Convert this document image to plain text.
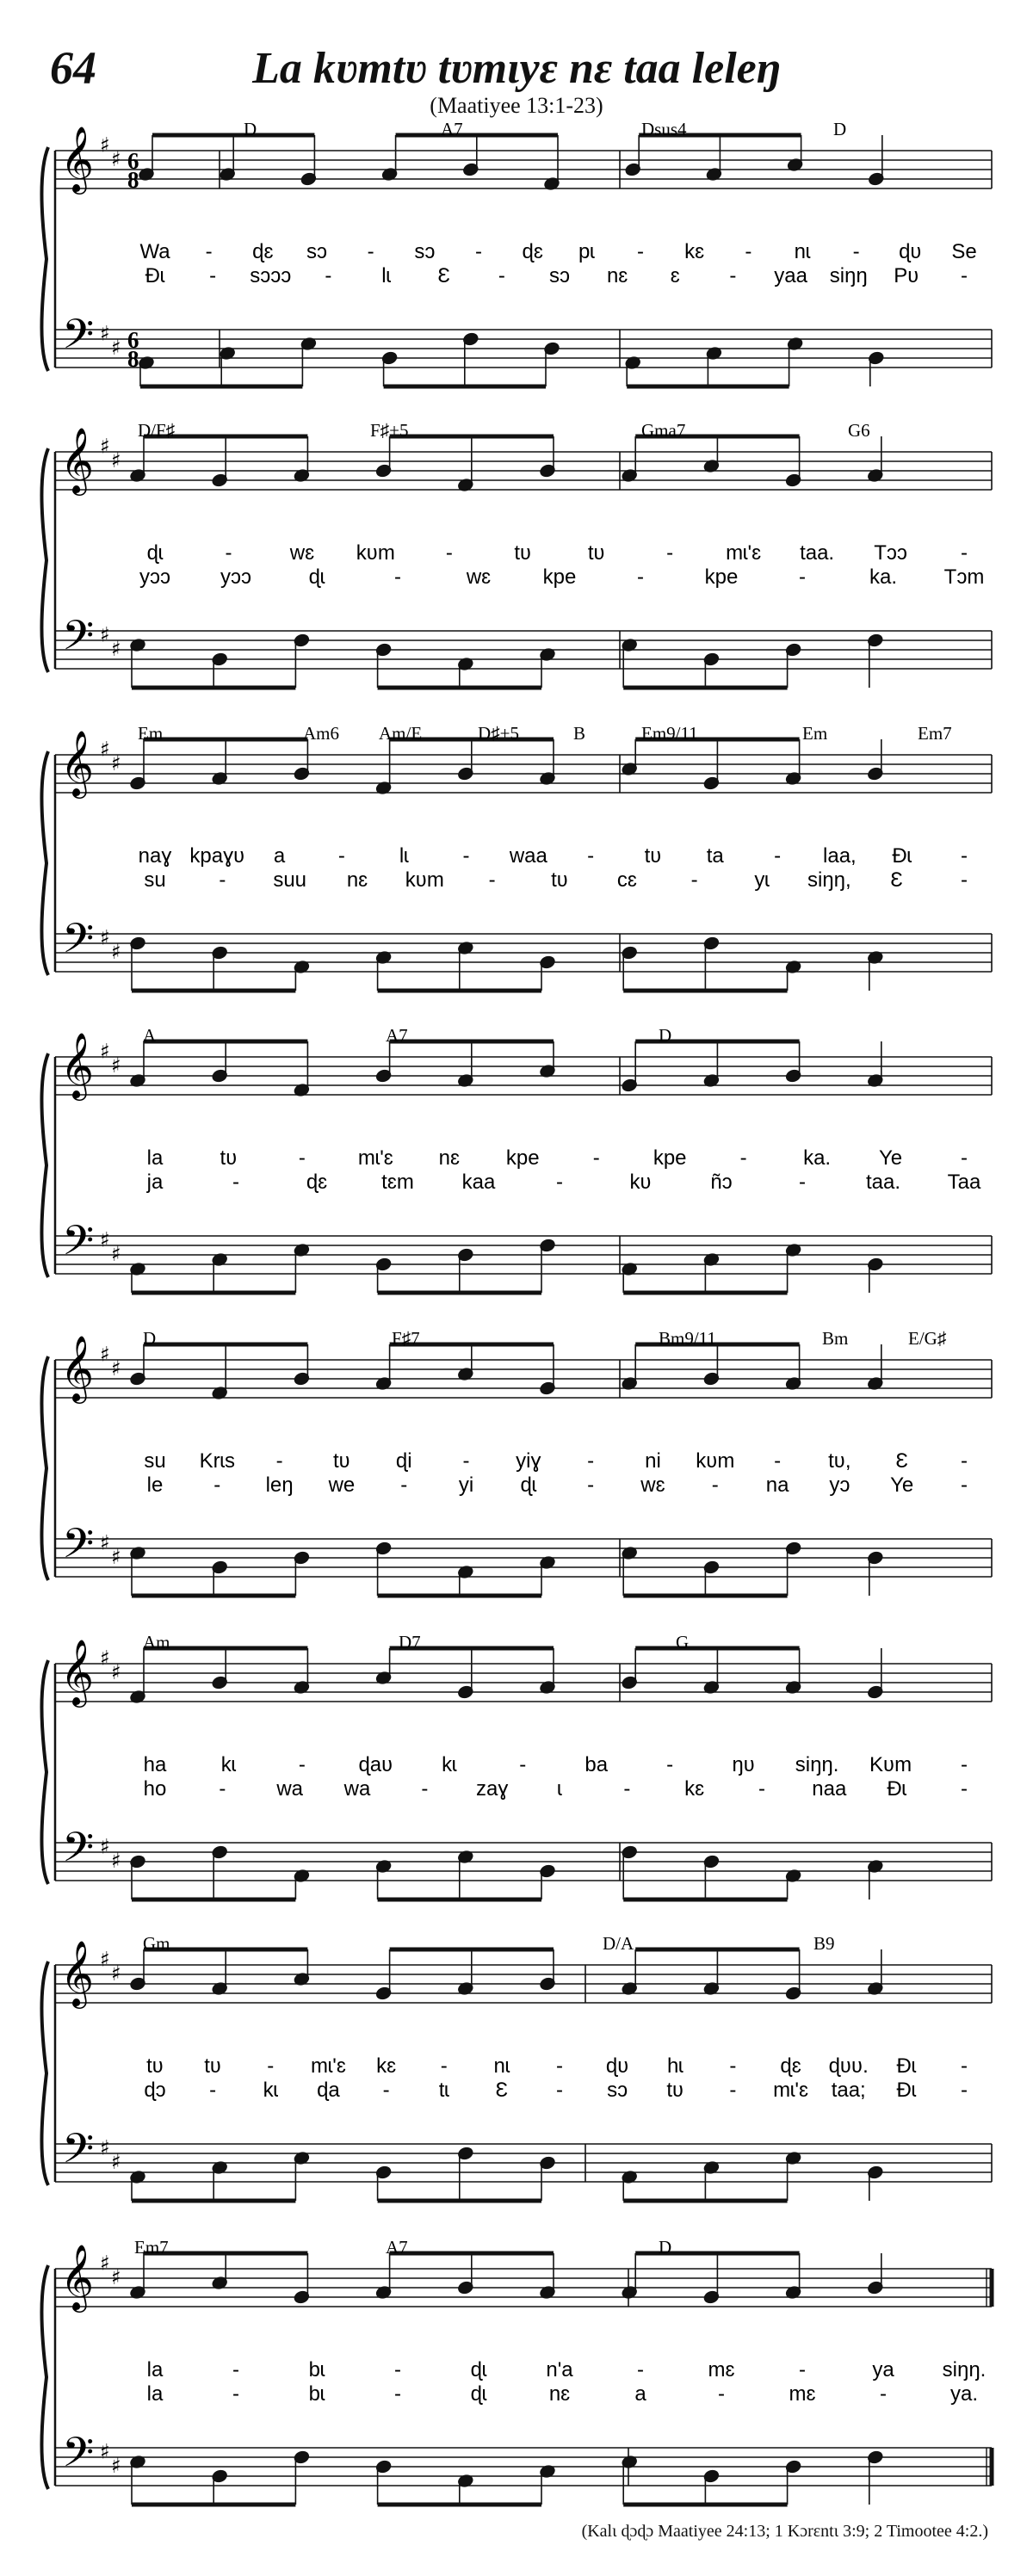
64	La kʋmtʋ tʋmɩyɛ nɛ taa leleŋ
(Maatiyee 13:1-23)
𝄞
𝄢
♯
♯
♯
♯
6
8
6
8
D	A7	Dsus4	D
Wa - ɖɛ sɔ - sɔ - ɖɛ pɩ - kɛ - nɩ - ɖʋ Se
Ɖɩ - sɔɔɔ - lɩ Ɛ - sɔ nɛ ɛ - yaa siŋŋ Pʋ -
𝄞
𝄢
♯
♯
♯
♯
D/F♯	F♯+5	Gma7	G6
ɖɩ	-	wɛ kʋm -	tʋ	tʋ	-	mɩ'ɛ taa. Tɔɔ	-
yɔɔ yɔɔ	ɖɩ	-	wɛ	kpe	-	kpe	-	ka. Tɔm
𝄞
𝄢
♯
♯
♯
♯
Em	Am6 Am/E	D♯+5	B	Em9/11	Em	Em7
naɣ kpaɣʋ a	-	lɩ	- waa - tʋ ta - laa, Ɖɩ -
su	- suu nɛ kʋm -	tʋ cɛ	-	yɩ siŋŋ, Ɛ	-
𝄞
𝄢
♯
♯
♯
♯
A	A7	D
la	tʋ	-	mɩ'ɛ nɛ kpe	-	kpe	-	ka. Ye	-
ja	-	ɖɛ	tɛm kaa	-	kʋ	ñɔ	-	taa. Taa
𝄞
𝄢
♯
♯
♯
♯
D	F♯7	Bm9/11	Bm	E/G♯
su Krɩs - tʋ ɖi - yiɣ - ni kʋm - tʋ, Ɛ	-
le - leŋ we - yi ɖɩ - wɛ - na yɔ Ye -
𝄞
𝄢
♯
♯
♯
♯
Am	D7	G
ha	kɩ	-	ɖaʋ kɩ	-	ba	-	ŋʋ siŋŋ. Kʋm -
ho	- wa wa - zaɣ ɩ	-	kɛ	- naa Ɖɩ	-
𝄞
𝄢
♯
♯
♯
♯
Gm	D/A	B9
tʋ tʋ - mɩ'ɛ kɛ - nɩ - ɖʋ hɩ - ɖɛ ɖʋʋ. Ɖɩ -
ɖɔ - kɩ ɖa - tɩ Ɛ - sɔ tʋ - mɩ'ɛ taa; Ɖɩ -
𝄞
𝄢
♯
♯
♯
♯
Em7	A7	D
la	-	bɩ	-	ɖɩ	n'a	-	mɛ	-	ya siŋŋ.
la	-	bɩ	-	ɖɩ	nɛ	a	-	mɛ	-	ya.
(Kalɩ ɖɔɖɔ Maatiyee 24:13; 1 Kɔrɛntɩ 3:9; 2 Timootee 4:2.)
